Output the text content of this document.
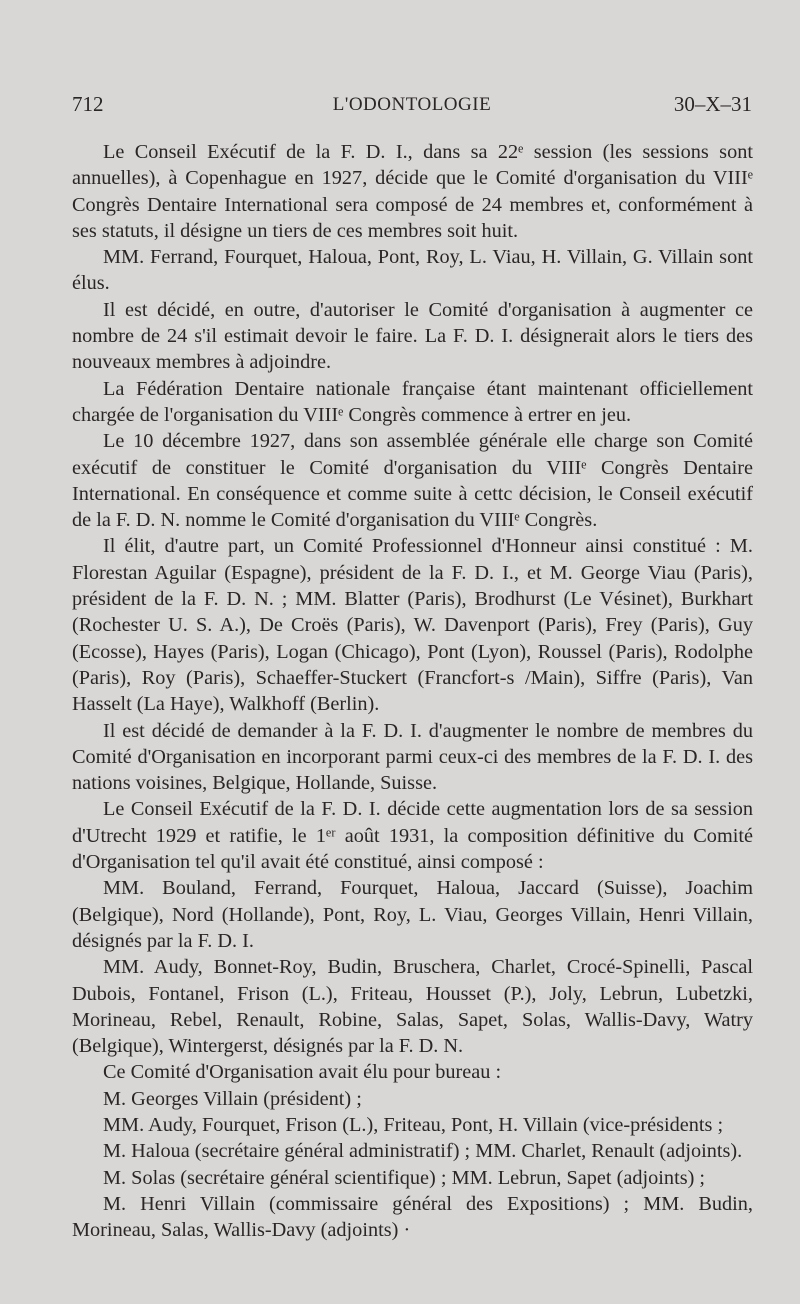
712	L'ODONTOLOGIE	30–X–31

Le Conseil Exécutif de la F. D. I., dans sa 22ᵉ session (les sessions sont annuelles), à Copenhague en 1927, décide que le Comité d'organisation du VIIIᵉ Congrès Dentaire International sera composé de 24 membres et, conformément à ses statuts, il désigne un tiers de ces membres soit huit.

MM. Ferrand, Fourquet, Haloua, Pont, Roy, L. Viau, H. Villain, G. Villain sont élus.

Il est décidé, en outre, d'autoriser le Comité d'organisation à augmenter ce nombre de 24 s'il estimait devoir le faire. La F. D. I. désignerait alors le tiers des nouveaux membres à adjoindre.

La Fédération Dentaire nationale française étant maintenant officiellement chargée de l'organisation du VIIIᵉ Congrès commence à ertrer en jeu.

Le 10 décembre 1927, dans son assemblée générale elle charge son Comité exécutif de constituer le Comité d'organisation du VIIIᵉ Congrès Dentaire International. En conséquence et comme suite à cettc décision, le Conseil exécutif de la F. D. N. nomme le Comité d'organisation du VIIIᵉ Congrès.

Il élit, d'autre part, un Comité Professionnel d'Honneur ainsi constitué : M. Florestan Aguilar (Espagne), président de la F. D. I., et M. George Viau (Paris), président de la F. D. N. ; MM. Blatter (Paris), Brodhurst (Le Vésinet), Burkhart (Rochester U. S. A.), De Croës (Paris), W. Davenport (Paris), Frey (Paris), Guy (Ecosse), Hayes (Paris), Logan (Chicago), Pont (Lyon), Roussel (Paris), Rodolphe (Paris), Roy (Paris), Schaeffer-Stuckert (Francfort-s /Main), Siffre (Paris), Van Hasselt (La Haye), Walkhoff (Berlin).

Il est décidé de demander à la F. D. I. d'augmenter le nombre de membres du Comité d'Organisation en incorporant parmi ceux-ci des membres de la F. D. I. des nations voisines, Belgique, Hollande, Suisse.

Le Conseil Exécutif de la F. D. I. décide cette augmentation lors de sa session d'Utrecht 1929 et ratifie, le 1ᵉʳ août 1931, la composition définitive du Comité d'Organisation tel qu'il avait été constitué, ainsi composé :

MM. Bouland, Ferrand, Fourquet, Haloua, Jaccard (Suisse), Joachim (Belgique), Nord (Hollande), Pont, Roy, L. Viau, Georges Villain, Henri Villain, désignés par la F. D. I.

MM. Audy, Bonnet-Roy, Budin, Bruschera, Charlet, Crocé-Spinelli, Pascal Dubois, Fontanel, Frison (L.), Friteau, Housset (P.), Joly, Lebrun, Lubetzki, Morineau, Rebel, Renault, Robine, Salas, Sapet, Solas, Wallis-Davy, Watry (Belgique), Wintergerst, désignés par la F. D. N.

Ce Comité d'Organisation avait élu pour bureau :

M. Georges Villain (président) ;

MM. Audy, Fourquet, Frison (L.), Friteau, Pont, H. Villain (vice-présidents ;

M. Haloua (secrétaire général administratif) ; MM. Charlet, Renault (adjoints).

M. Solas (secrétaire général scientifique) ; MM. Lebrun, Sapet (adjoints) ;

M. Henri Villain (commissaire général des Expositions) ; MM. Budin, Morineau, Salas, Wallis-Davy (adjoints) ·
